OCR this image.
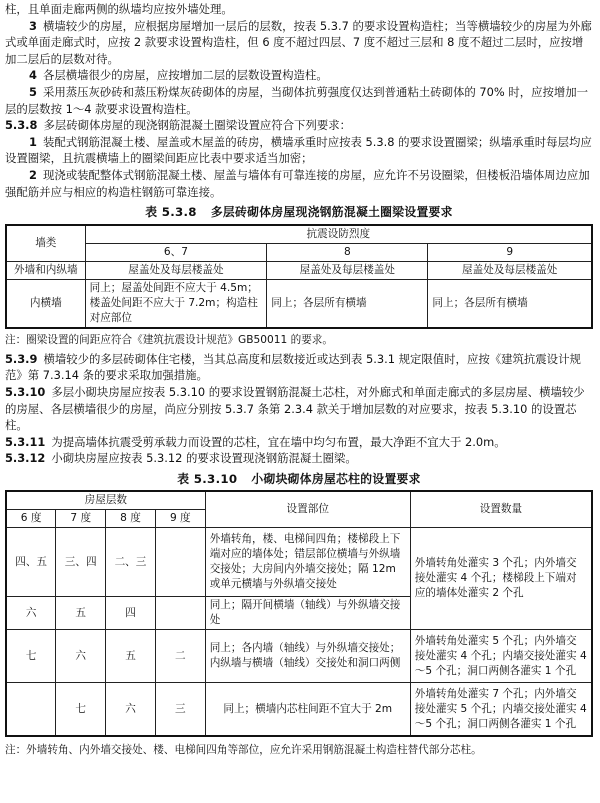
柱，且单面走廊两侧的纵墙均应按外墙处理。

3 横墙较少的房屋，应根据房屋增加一层后的层数，按表 5.3.7 的要求设置构造柱；当等横墙较少的房屋为外廊式或单面走廊式时，应按 2 款要求设置构造柱，但 6 度不超过四层、7 度不超过三层和 8 度不超过二层时，应按增加二层后的层数对待。

4 各层横墙很少的房屋，应按增加二层的层数设置构造柱。

5 采用蒸压灰砂砖和蒸压粉煤灰砖砌体的房屋，当砌体抗剪强度仅达到普通粘土砖砌体的 70% 时，应按增加一层的层数按 1～4 款要求设置构造柱。

5.3.8 多层砖砌体房屋的现浇钢筋混凝土圈梁设置应符合下列要求：

1 装配式钢筋混凝土楼、屋盖或木屋盖的砖房，横墙承重时应按表 5.3.8 的要求设置圈梁；纵墙承重时每层均应设置圈梁，且抗震横墙上的圈梁间距应比表中要求适当加密；

2 现浇或装配整体式钢筋混凝土楼、屋盖与墙体有可靠连接的房屋，应允许不另设圈梁，但楼板沿墙体周边应加强配筋并应与相应的构造柱钢筋可靠连接。

表 5.3.8 多层砖砌体房屋现浇钢筋混凝土圈梁设置要求
墙类	抗震设防烈度		
	6、7	8	9
外墙和内纵墙	屋盖处及每层楼盖处	屋盖处及每层楼盖处	屋盖处及每层楼盖处
内横墙	同上；屋盖处间距不应大于 4.5m；楼盖处间距不应大于 7.2m；构造柱对应部位	同上；各层所有横墙	同上；各层所有横墙
注：圈梁设置的间距应符合《建筑抗震设计规范》GB50011 的要求。

5.3.9 横墙较少的多层砖砌体住宅楼，当其总高度和层数接近或达到表 5.3.1 规定限值时，应按《建筑抗震设计规范》第 7.3.14 条的要求采取加强措施。

5.3.10 多层小砌块房屋应按表 5.3.10 的要求设置钢筋混凝土芯柱，对外廊式和单面走廊式的多层房屋、横墙较少的房屋、各层横墙很少的房屋，尚应分别按 5.3.7 条第 2.3.4 款关于增加层数的对应要求，按表 5.3.10 的设置芯柱。

5.3.11 为提高墙体抗震受剪承载力而设置的芯柱，宜在墙中均匀布置，最大净距不宜大于 2.0m。

5.3.12 小砌块房屋应按表 5.3.12 的要求设置现浇钢筋混凝土圈梁。

表 5.3.10 小砌块砌体房屋芯柱的设置要求
房屋层数				设置部位	设置数量
6 度	7 度	8 度	9 度		
四、五	三、四	二、三		外墙转角，楼、电梯间四角；楼梯段上下端对应的墙体处；错层部位横墙与外纵墙交接处；大房间内外墙交接处；隔 12m 或单元横墙与外纵墙交接处	外墙转角处灌实 3 个孔；内外墙交接处灌实 4 个孔；楼梯段上下端对应的墙体处灌实 2 个孔
六	五	四		同上；隔开间横墙（轴线）与外纵墙交接处	
七	六	五	二	同上；各内墙（轴线）与外纵墙交接处；内纵墙与横墙（轴线）交接处和洞口两侧	外墙转角处灌实 5 个孔；内外墙交接处灌实 4 个孔；内墙交接处灌实 4～5 个孔；洞口两侧各灌实 1 个孔
	七	六	三	同上；横墙内芯柱间距不宜大于 2m	外墙转角处灌实 7 个孔；内外墙交接处灌实 5 个孔；内墙交接处灌实 4～5 个孔；洞口两侧各灌实 1 个孔
注：外墙转角、内外墙交接处、楼、电梯间四角等部位，应允许采用钢筋混凝土构造柱替代部分芯柱。
